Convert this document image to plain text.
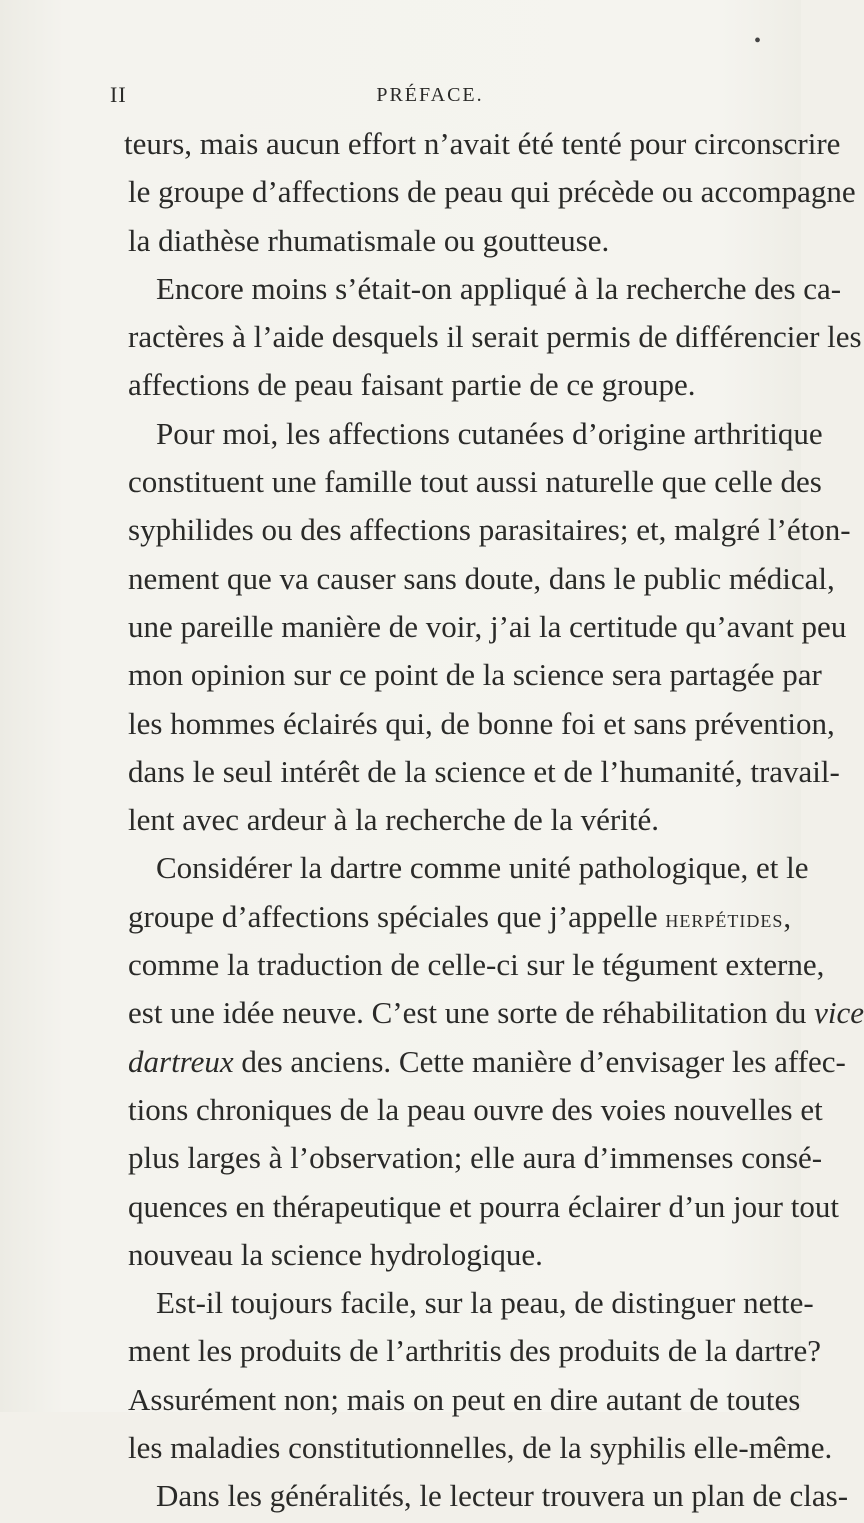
•
II	PRÉFACE.
teurs, mais aucun effort n’avait été tenté pour circonscrire
le groupe d’affections de peau qui précède ou accompagne
la diathèse rhumatismale ou goutteuse.
Encore moins s’était-on appliqué à la recherche des ca-
ractères à l’aide desquels il serait permis de différencier les
affections de peau faisant partie de ce groupe.
Pour moi, les affections cutanées d’origine arthritique
constituent une famille tout aussi naturelle que celle des
syphilides ou des affections parasitaires; et, malgré l’éton-
nement que va causer sans doute, dans le public médical,
une pareille manière de voir, j’ai la certitude qu’avant peu
mon opinion sur ce point de la science sera partagée par
les hommes éclairés qui, de bonne foi et sans prévention,
dans le seul intérêt de la science et de l’humanité, travail-
lent avec ardeur à la recherche de la vérité.
Considérer la dartre comme unité pathologique, et le
groupe d’affections spéciales que j’appelle herpétides,
comme la traduction de celle-ci sur le tégument externe,
est une idée neuve. C’est une sorte de réhabilitation du vice
dartreux des anciens. Cette manière d’envisager les affec-
tions chroniques de la peau ouvre des voies nouvelles et
plus larges à l’observation; elle aura d’immenses consé-
quences en thérapeutique et pourra éclairer d’un jour tout
nouveau la science hydrologique.
Est-il toujours facile, sur la peau, de distinguer nette-
ment les produits de l’arthritis des produits de la dartre?
Assurément non; mais on peut en dire autant de toutes
les maladies constitutionnelles, de la syphilis elle-même.
Dans les généralités, le lecteur trouvera un plan de clas-
